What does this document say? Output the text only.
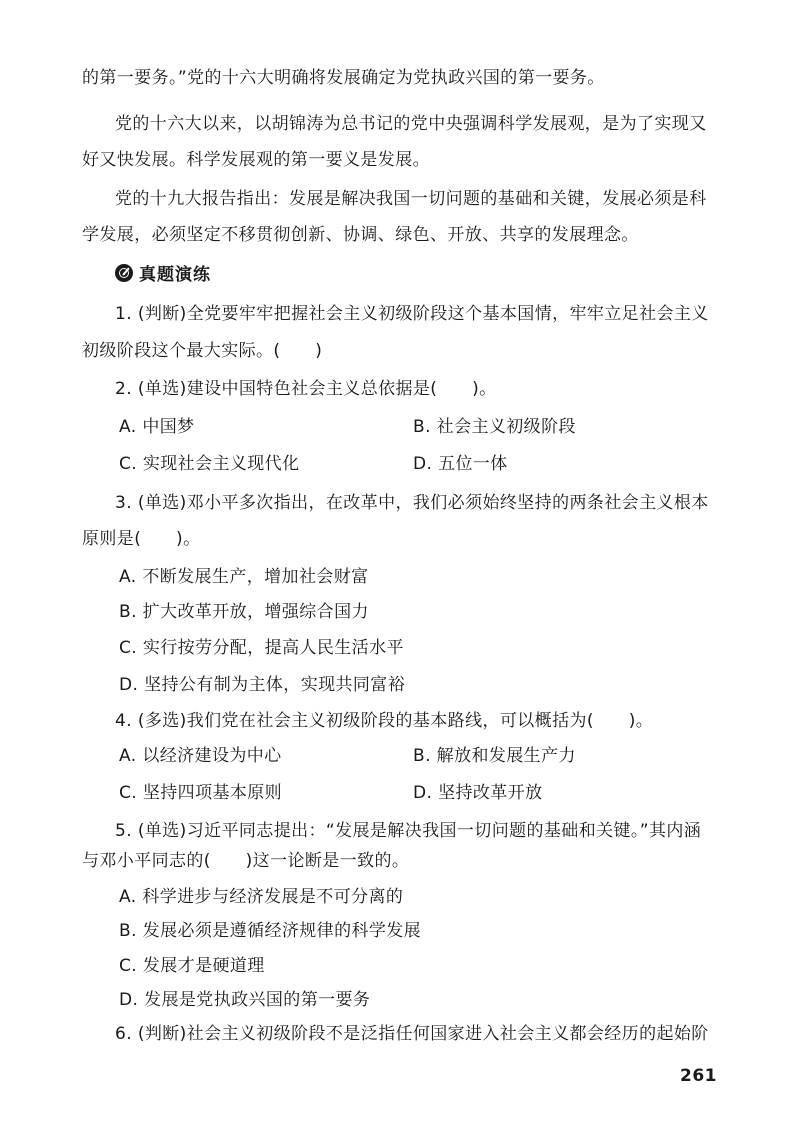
的第一要务。”党的十六大明确将发展确定为党执政兴国的第一要务。
党的十六大以来，以胡锦涛为总书记的党中央强调科学发展观，是为了实现又
好又快发展。科学发展观的第一要义是发展。
党的十九大报告指出：发展是解决我国一切问题的基础和关键，发展必须是科
学发展，必须坚定不移贯彻创新、协调、绿色、开放、共享的发展理念。
真题演练
1. (判断)全党要牢牢把握社会主义初级阶段这个基本国情，牢牢立足社会主义
初级阶段这个最大实际。(　　)
2. (单选)建设中国特色社会主义总依据是(　　)。
A. 中国梦	B. 社会主义初级阶段
C. 实现社会主义现代化	D. 五位一体
3. (单选)邓小平多次指出，在改革中，我们必须始终坚持的两条社会主义根本
原则是(　　)。
A. 不断发展生产，增加社会财富
B. 扩大改革开放，增强综合国力
C. 实行按劳分配，提高人民生活水平
D. 坚持公有制为主体，实现共同富裕
4. (多选)我们党在社会主义初级阶段的基本路线，可以概括为(　　)。
A. 以经济建设为中心	B. 解放和发展生产力
C. 坚持四项基本原则	D. 坚持改革开放
5. (单选)习近平同志提出：“发展是解决我国一切问题的基础和关键。”其内涵
与邓小平同志的(　　)这一论断是一致的。
A. 科学进步与经济发展是不可分离的
B. 发展必须是遵循经济规律的科学发展
C. 发展才是硬道理
D. 发展是党执政兴国的第一要务
6. (判断)社会主义初级阶段不是泛指任何国家进入社会主义都会经历的起始阶
261
